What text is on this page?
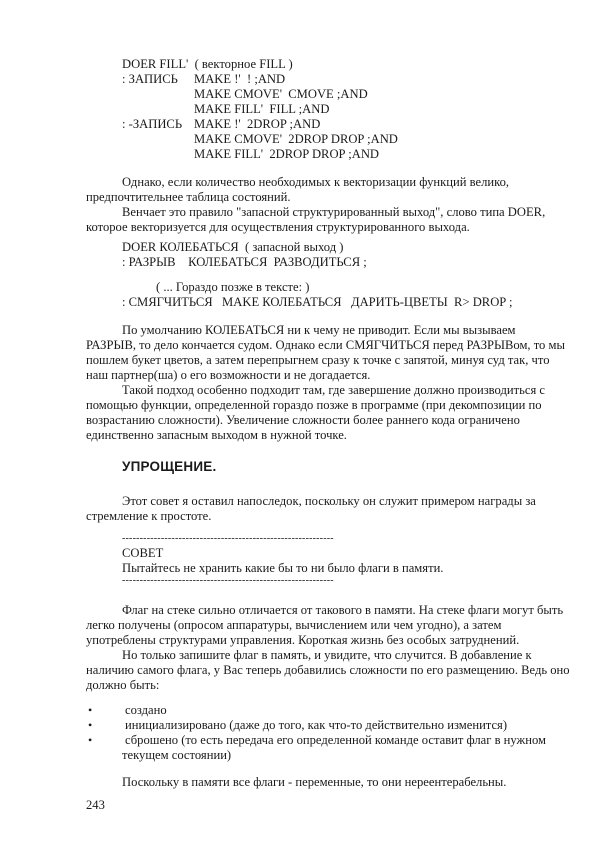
DOER FILL'  ( векторное FILL )
: ЗАПИСЬ MAKE !'  ! ;AND
MAKE CMOVE'  CMOVE ;AND
MAKE FILL'  FILL ;AND
: -ЗАПИСЬ MAKE !'  2DROP ;AND
MAKE CMOVE'  2DROP DROP ;AND
MAKE FILL'  2DROP DROP ;AND
Однако, если количество необходимых к векторизации функций велико,
предпочтительнее таблица состояний.
Венчает это правило "запасной структурированный выход", слово типа DOER,
которое векторизуется для осуществления структурированного выхода.
DOER КОЛЕБАТЬСЯ  ( запасной выход )
: РАЗРЫВ    КОЛЕБАТЬСЯ  РАЗВОДИТЬСЯ ;
( ... Гораздо позже в тексте: )
: СМЯГЧИТЬСЯ   MAKE КОЛЕБАТЬСЯ   ДАРИТЬ-ЦВЕТЫ  R> DROP ;
По умолчанию КОЛЕБАТЬСЯ ни к чему не приводит. Если мы вызываем
РАЗРЫВ, то дело кончается судом. Однако если СМЯГЧИТЬСЯ перед РАЗРЫВом, то мы
пошлем букет цветов, а затем перепрыгнем сразу к точке с запятой, минуя суд так, что
наш партнер(ша) о его возможности и не догадается.
Такой подход особенно подходит там, где завершение должно производиться с
помощью функции, определенной гораздо позже в программе (при декомпозиции по
возрастанию сложности). Увеличение сложности более раннего кода ограничено
единственно запасным выходом в нужной точке.
УПРОЩЕНИЕ.
Этот совет я оставил напоследок, поскольку он служит примером награды за
стремление к простоте.
------------------------------------------------------------
СОВЕТ
Пытайтесь не хранить какие бы то ни было флаги в памяти.
------------------------------------------------------------
Флаг на стеке сильно отличается от такового в памяти. На стеке флаги могут быть
легко получены (опросом аппаратуры, вычислением или чем угодно), а затем
употреблены структурами управления. Короткая жизнь без особых затруднений.
Но только запишите флаг в память, и увидите, что случится. В добавление к
наличию самого флага, у Вас теперь добавились сложности по его размещению. Ведь оно
должно быть:
•	создано
•	инициализировано (даже до того, как что-то действительно изменится)
•	сброшено (то есть передача его определенной команде оставит флаг в нужном
текущем состоянии)
Поскольку в памяти все флаги - переменные, то они нереентерабельны.
243
